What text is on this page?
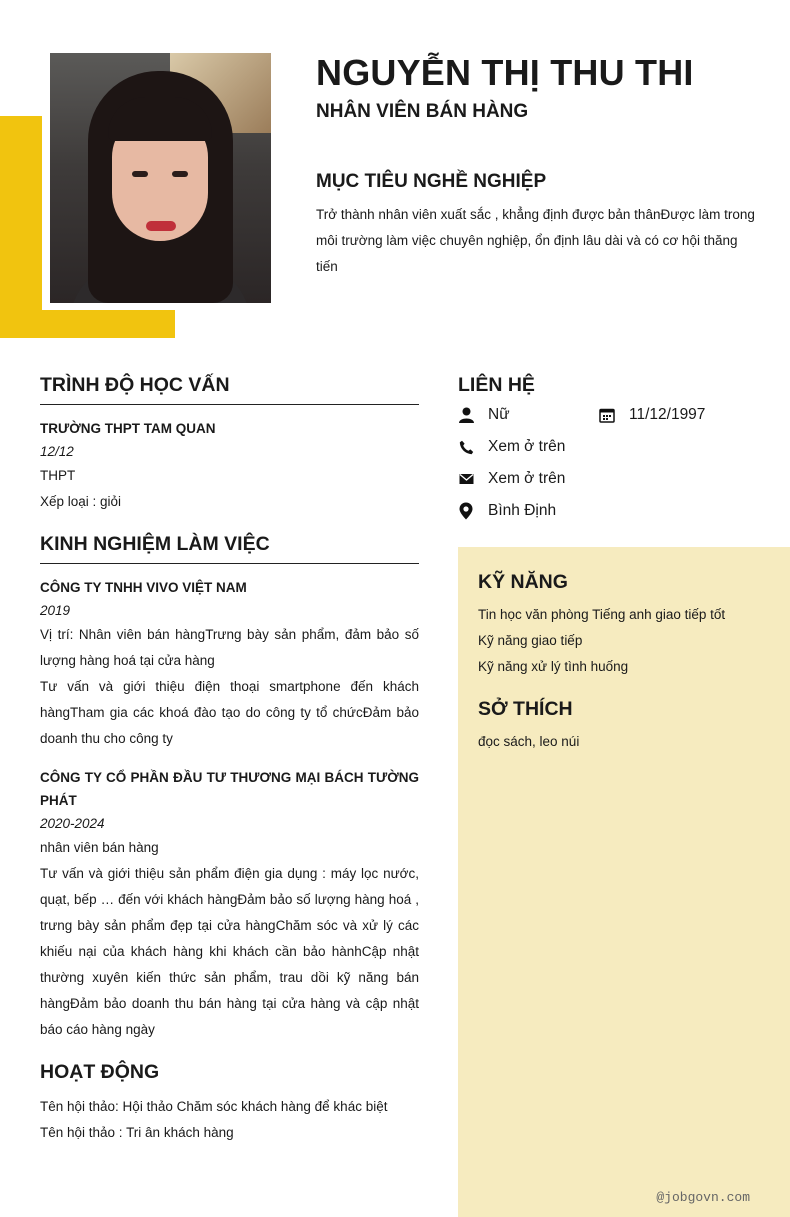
NGUYỄN THỊ THU THI
NHÂN VIÊN BÁN HÀNG
MỤC TIÊU NGHỀ NGHIỆP
Trở thành nhân viên xuất sắc , khẳng định được bản thânĐược làm trong môi trường làm việc chuyên nghiệp, ổn định lâu dài và có cơ hội thăng tiến
TRÌNH ĐỘ HỌC VẤN
TRƯỜNG THPT TAM QUAN
12/12
THPT
Xếp loại : giỏi
KINH NGHIỆM LÀM VIỆC
CÔNG TY TNHH VIVO VIỆT NAM
2019
Vị trí: Nhân viên bán hàngTrưng bày sản phẩm, đảm bảo số lượng hàng hoá tại cửa hàng
Tư vấn và giới thiệu điện thoại smartphone đến khách hàngTham gia các khoá đào tạo do công ty tổ chứcĐảm bảo doanh thu cho công ty
CÔNG TY CỔ PHẦN ĐẦU TƯ THƯƠNG MẠI BÁCH TƯỜNG PHÁT
2020-2024
nhân viên bán hàng
Tư vấn và giới thiệu sản phẩm điện gia dụng : máy lọc nước, quạt, bếp … đến với khách hàngĐảm bảo số lượng hàng hoá , trưng bày sản phẩm đẹp tại cửa hàngChăm sóc và xử lý các khiếu nại của khách hàng khi khách cần bảo hànhCập nhật thường xuyên kiến thức sản phẩm, trau dồi kỹ năng bán hàngĐảm bảo doanh thu bán hàng tại cửa hàng và cập nhật báo cáo hàng ngày
HOẠT ĐỘNG
Tên hội thảo: Hội thảo Chăm sóc khách hàng để khác biệt
Tên hội thảo : Tri ân khách hàng
LIÊN HỆ
Nữ	11/12/1997
Xem ở trên
Xem ở trên
Bình Định
KỸ NĂNG
Tin học văn phòng Tiếng anh giao tiếp tốt
Kỹ năng giao tiếp
Kỹ năng xử lý tình huống
SỞ THÍCH
đọc sách, leo núi
@jobgovn.com
